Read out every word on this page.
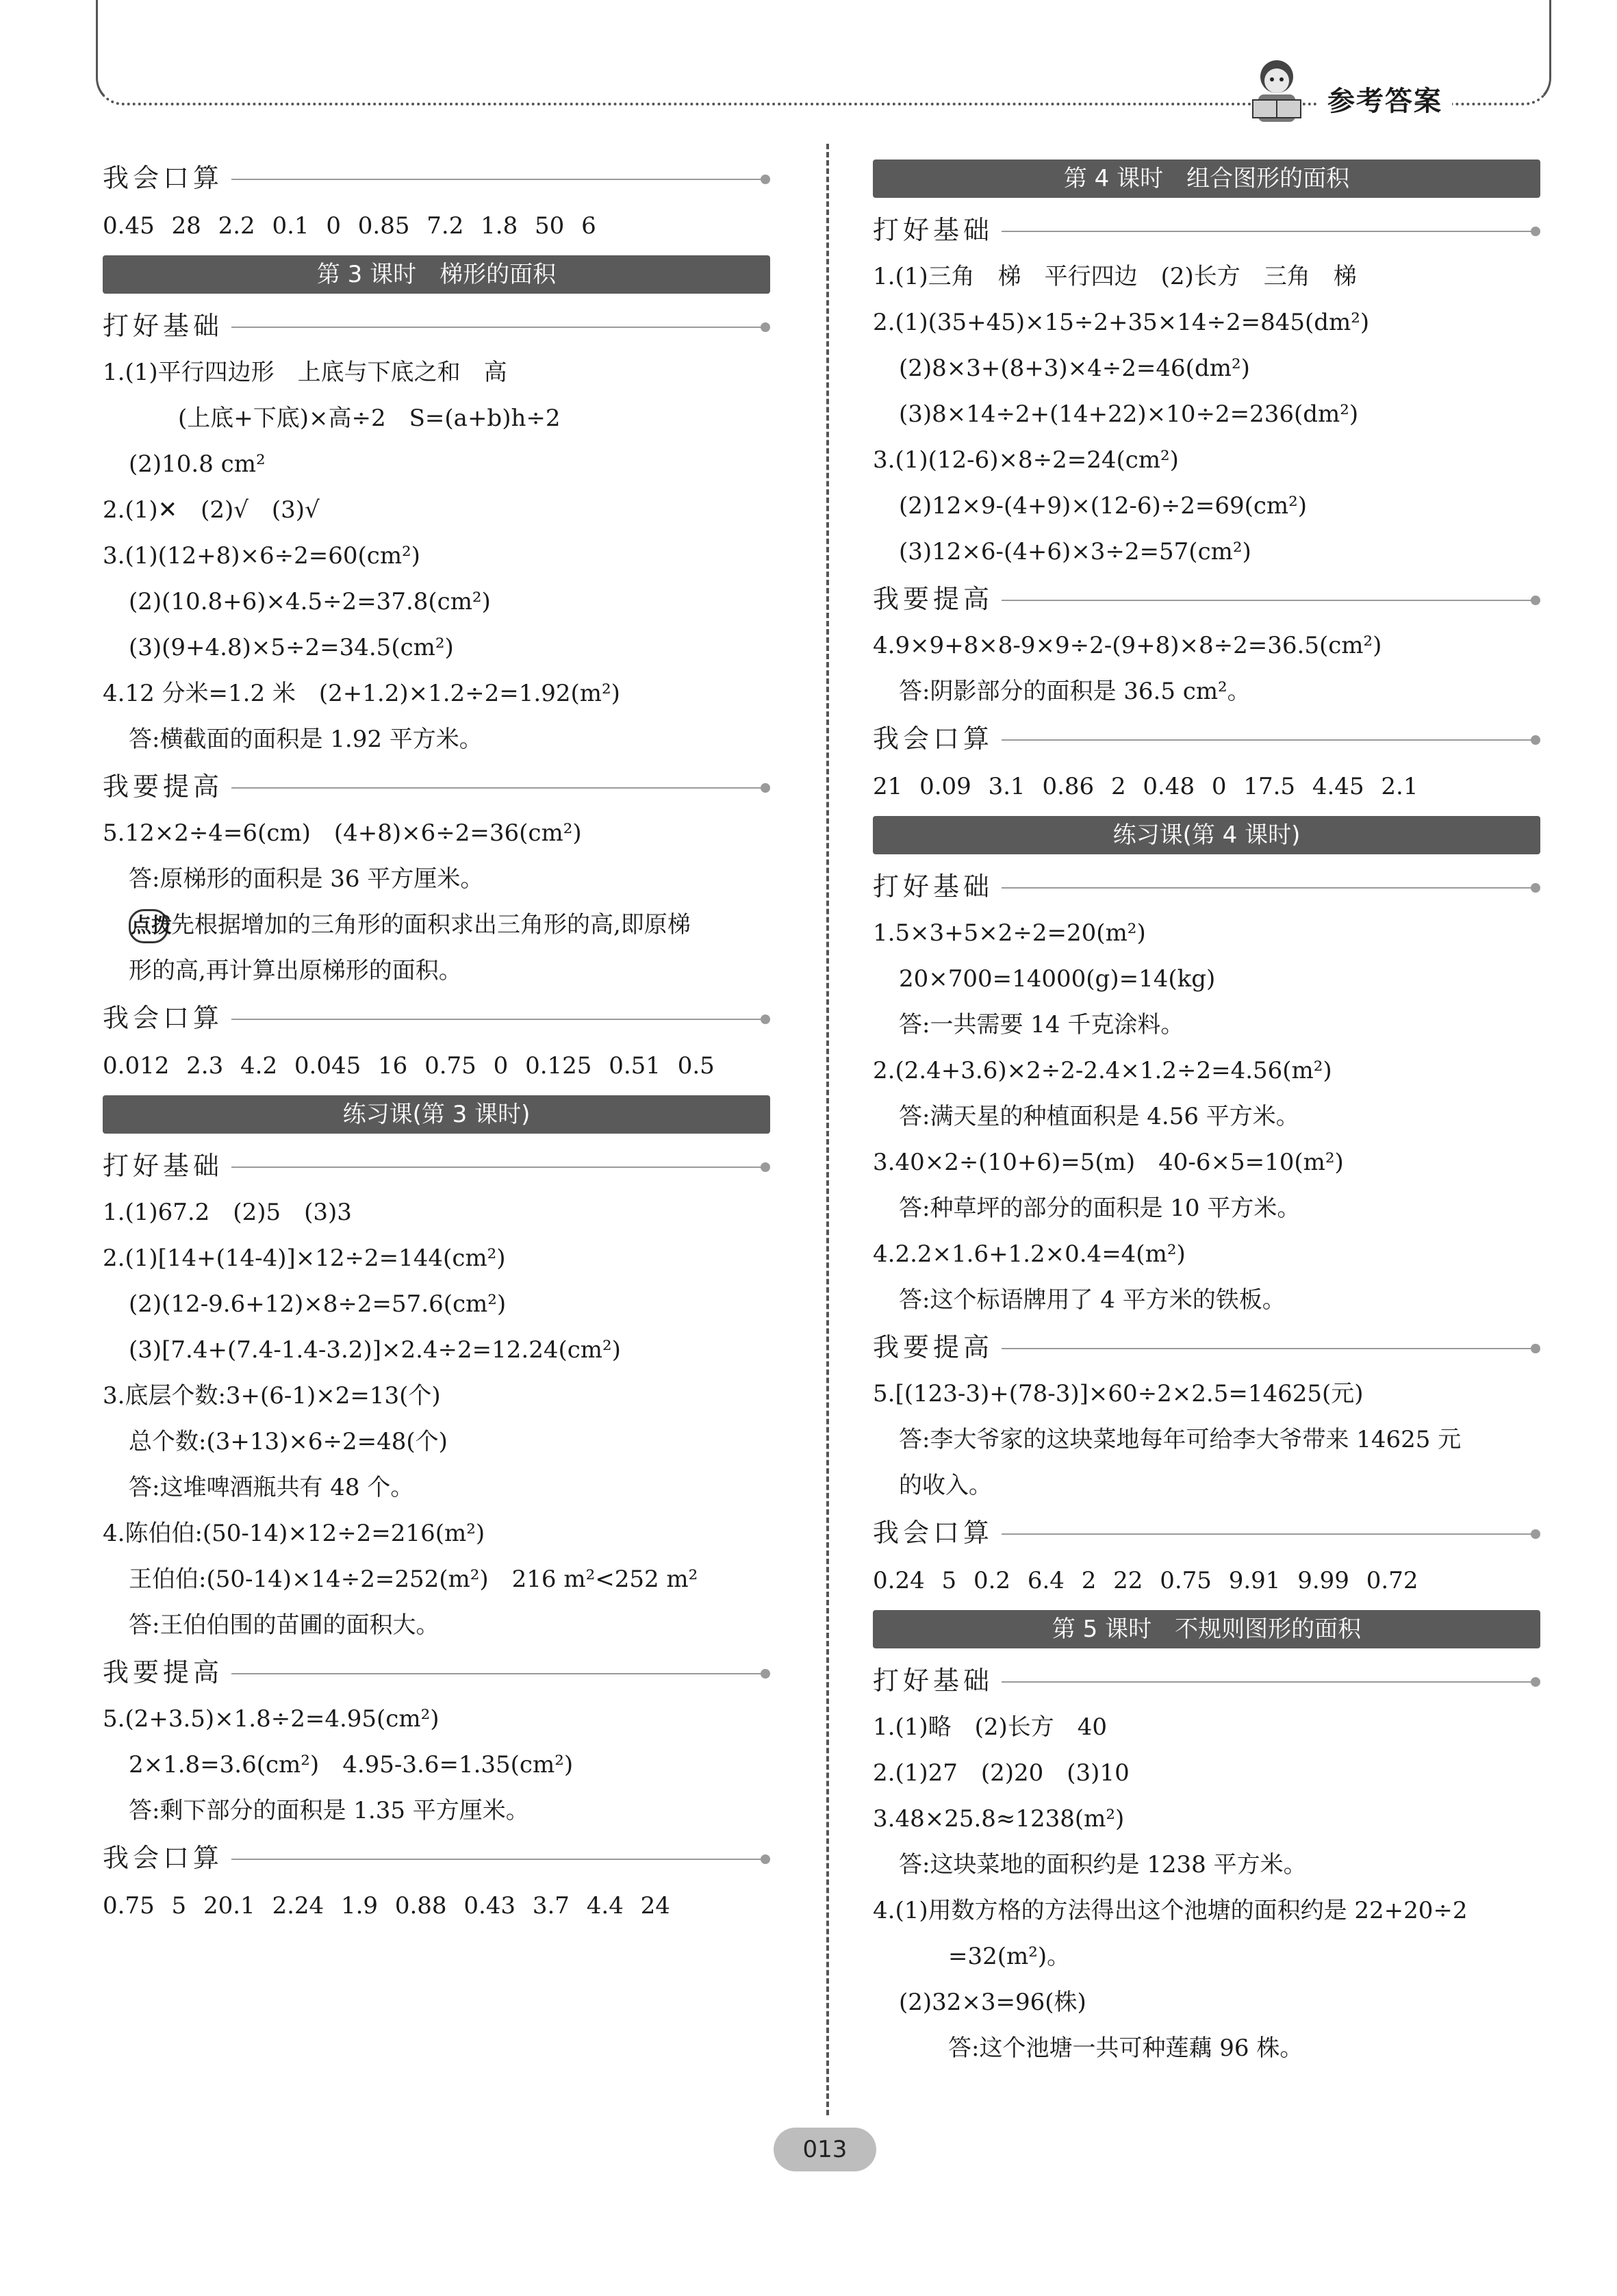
参考答案
我会口算
0.45 28 2.2 0.1 0 0.85 7.2 1.8 50 6
第 3 课时　梯形的面积
打好基础
1.(1)平行四边形　上底与下底之和　高
(上底+下底)×高÷2　S=(a+b)h÷2
(2)10.8 cm²
2.(1)✕　(2)√　(3)√
3.(1)(12+8)×6÷2=60(cm²)
(2)(10.8+6)×4.5÷2=37.8(cm²)
(3)(9+4.8)×5÷2=34.5(cm²)
4.12 分米=1.2 米　(2+1.2)×1.2÷2=1.92(m²)
答:横截面的面积是 1.92 平方米。
我要提高
5.12×2÷4=6(cm)　(4+8)×6÷2=36(cm²)
答:原梯形的面积是 36 平方厘米。
点拨先根据增加的三角形的面积求出三角形的高,即原梯
形的高,再计算出原梯形的面积。
我会口算
0.012 2.3 4.2 0.045 16 0.75 0 0.125 0.51 0.5
练习课(第 3 课时)
打好基础
1.(1)67.2　(2)5　(3)3
2.(1)[14+(14-4)]×12÷2=144(cm²)
(2)(12-9.6+12)×8÷2=57.6(cm²)
(3)[7.4+(7.4-1.4-3.2)]×2.4÷2=12.24(cm²)
3.底层个数:3+(6-1)×2=13(个)
总个数:(3+13)×6÷2=48(个)
答:这堆啤酒瓶共有 48 个。
4.陈伯伯:(50-14)×12÷2=216(m²)
王伯伯:(50-14)×14÷2=252(m²)　216 m²<252 m²
答:王伯伯围的苗圃的面积大。
我要提高
5.(2+3.5)×1.8÷2=4.95(cm²)
2×1.8=3.6(cm²)　4.95-3.6=1.35(cm²)
答:剩下部分的面积是 1.35 平方厘米。
我会口算
0.75 5 20.1 2.24 1.9 0.88 0.43 3.7 4.4 24
第 4 课时　组合图形的面积
打好基础
1.(1)三角　梯　平行四边　(2)长方　三角　梯
2.(1)(35+45)×15÷2+35×14÷2=845(dm²)
(2)8×3+(8+3)×4÷2=46(dm²)
(3)8×14÷2+(14+22)×10÷2=236(dm²)
3.(1)(12-6)×8÷2=24(cm²)
(2)12×9-(4+9)×(12-6)÷2=69(cm²)
(3)12×6-(4+6)×3÷2=57(cm²)
我要提高
4.9×9+8×8-9×9÷2-(9+8)×8÷2=36.5(cm²)
答:阴影部分的面积是 36.5 cm²。
我会口算
21 0.09 3.1 0.86 2 0.48 0 17.5 4.45 2.1
练习课(第 4 课时)
打好基础
1.5×3+5×2÷2=20(m²)
20×700=14000(g)=14(kg)
答:一共需要 14 千克涂料。
2.(2.4+3.6)×2÷2-2.4×1.2÷2=4.56(m²)
答:满天星的种植面积是 4.56 平方米。
3.40×2÷(10+6)=5(m)　40-6×5=10(m²)
答:种草坪的部分的面积是 10 平方米。
4.2.2×1.6+1.2×0.4=4(m²)
答:这个标语牌用了 4 平方米的铁板。
我要提高
5.[(123-3)+(78-3)]×60÷2×2.5=14625(元)
答:李大爷家的这块菜地每年可给李大爷带来 14625 元
的收入。
我会口算
0.24 5 0.2 6.4 2 22 0.75 9.91 9.99 0.72
第 5 课时　不规则图形的面积
打好基础
1.(1)略　(2)长方　40
2.(1)27　(2)20　(3)10
3.48×25.8≈1238(m²)
答:这块菜地的面积约是 1238 平方米。
4.(1)用数方格的方法得出这个池塘的面积约是 22+20÷2
=32(m²)。
(2)32×3=96(株)
答:这个池塘一共可种莲藕 96 株。
013
